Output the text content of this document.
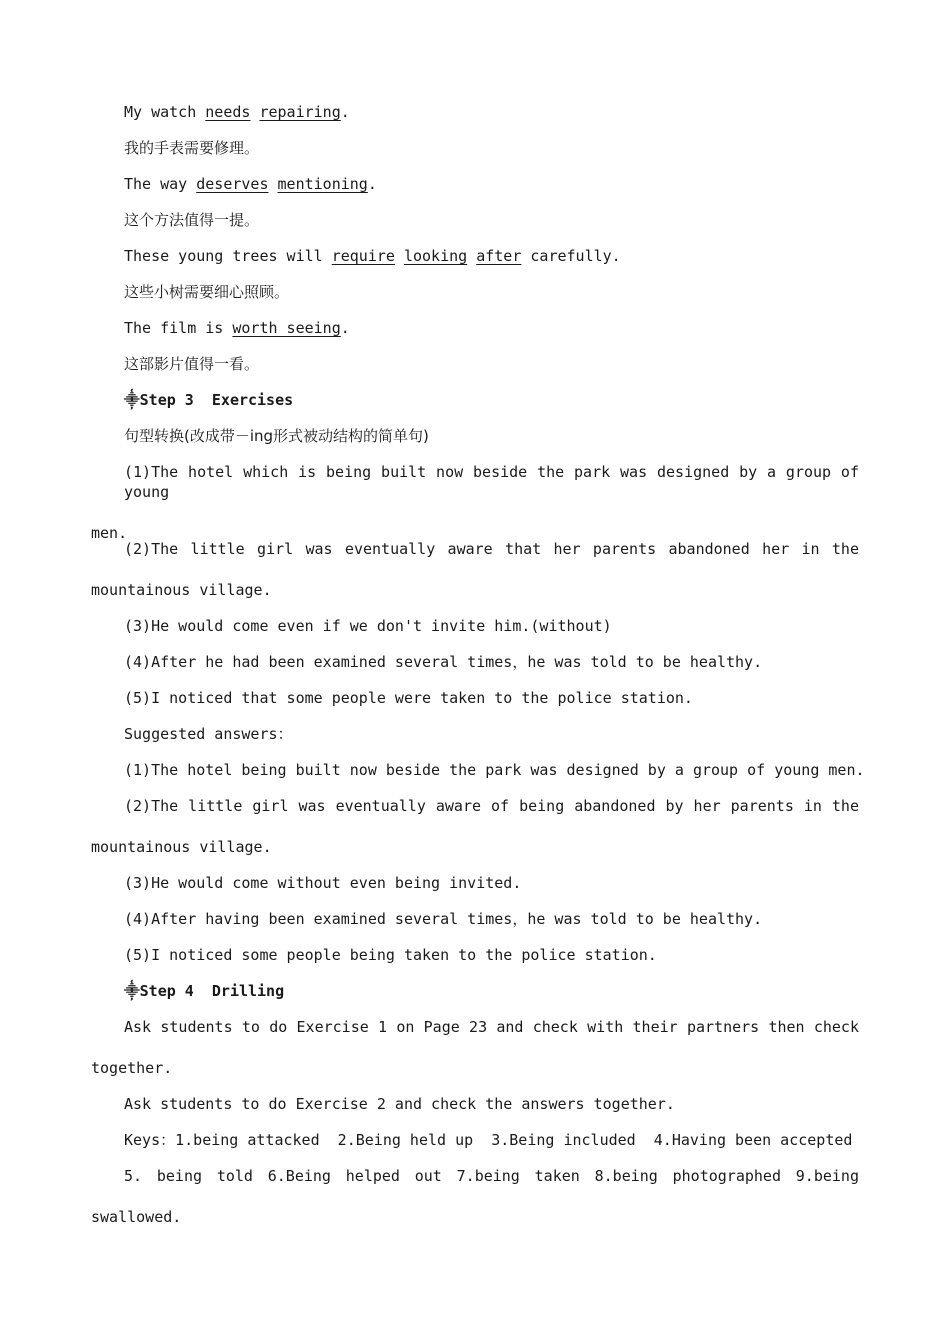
My watch needs repairing.
我的手表需要修理。
The way deserves mentioning.
这个方法值得一提。
These young trees will require looking after carefully.
这些小树需要细心照顾。
The film is worth seeing.
这部影片值得一看。
⸎Step 3  Exercises
句型转换(改成带－ing形式被动结构的简单句)
(1)The hotel which is being built now beside the park was designed by a group of young
men.
(2)The little girl was eventually aware that her parents abandoned her in the
mountainous village.
(3)He would come even if we don't invite him.(without)
(4)After he had been examined several times，he was told to be healthy.
(5)I noticed that some people were taken to the police station.
Suggested answers：
(1)The hotel being built now beside the park was designed by a group of young men.
(2)The little girl was eventually aware of being abandoned by her parents in the
mountainous village.
(3)He would come without even being invited.
(4)After having been examined several times，he was told to be healthy.
(5)I noticed some people being taken to the police station.
⸎Step 4  Drilling
Ask students to do Exercise 1 on Page 23 and check with their partners then check
together.
Ask students to do Exercise 2 and check the answers together.
Keys：1.being attacked  2.Being held up  3.Being included  4.Having been accepted
5. being told 6.Being helped out 7.being taken 8.being photographed 9.being
swallowed.
